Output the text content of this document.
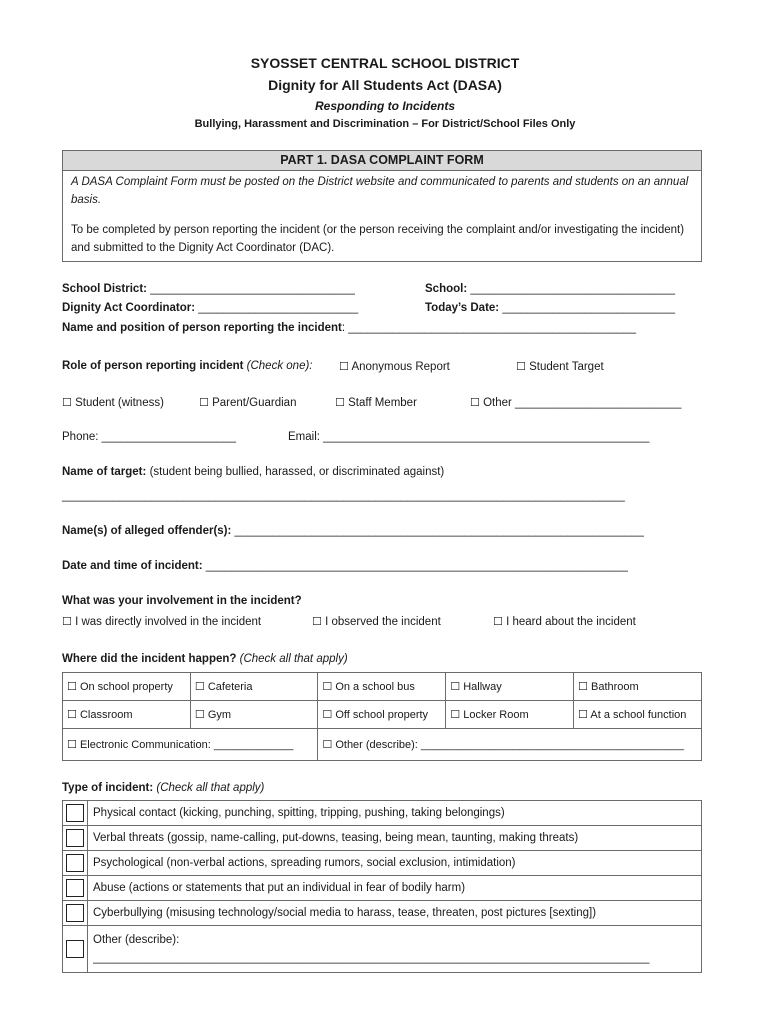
SYOSSET CENTRAL SCHOOL DISTRICT
Dignity for All Students Act (DASA)
Responding to Incidents
Bullying, Harassment and Discrimination – For District/School Files Only
PART 1. DASA COMPLAINT FORM

A DASA Complaint Form must be posted on the District website and communicated to parents and students on an annual basis.

To be completed by person reporting the incident (or the person receiving the complaint and/or investigating the incident) and submitted to the Dignity Act Coordinator (DAC).

School District: ________________________________	School: ________________________________
Dignity Act Coordinator: _________________________	Today’s Date: ___________________________
Name and position of person reporting the incident: _____________________________________________
Role of person reporting incident (Check one): ☐ Anonymous Report	☐ Student Target
☐ Student (witness)	☐ Parent/Guardian	☐ Staff Member	☐ Other __________________________
Phone: _____________________	Email: ___________________________________________________
Name of target: (student being bullied, harassed, or discriminated against)
________________________________________________________________________________________
Name(s) of alleged offender(s): ________________________________________________________________
Date and time of incident: __________________________________________________________________
What was your involvement in the incident?
☐ I was directly involved in the incident	☐ I observed the incident	☐ I heard about the incident
Where did the incident happen? (Check all that apply)
☐ On school property	☐ Cafeteria	☐ On a school bus	☐ Hallway	☐ Bathroom
☐ Classroom	☐ Gym	☐ Off school property	☐ Locker Room	☐ At a school function
☐ Electronic Communication: _____________		☐ Other (describe): ___________________________________________		
Type of incident: (Check all that apply)
	Physical contact (kicking, punching, spitting, tripping, pushing, taking belongings)
	Verbal threats (gossip, name-calling, put-downs, teasing, being mean, taunting, making threats)
	Psychological (non-verbal actions, spreading rumors, social exclusion, intimidation)
	Abuse (actions or statements that put an individual in fear of bodily harm)
	Cyberbullying (misusing technology/social media to harass, tease, threaten, post pictures [sexting])

	Other (describe):
_______________________________________________________________________________________
